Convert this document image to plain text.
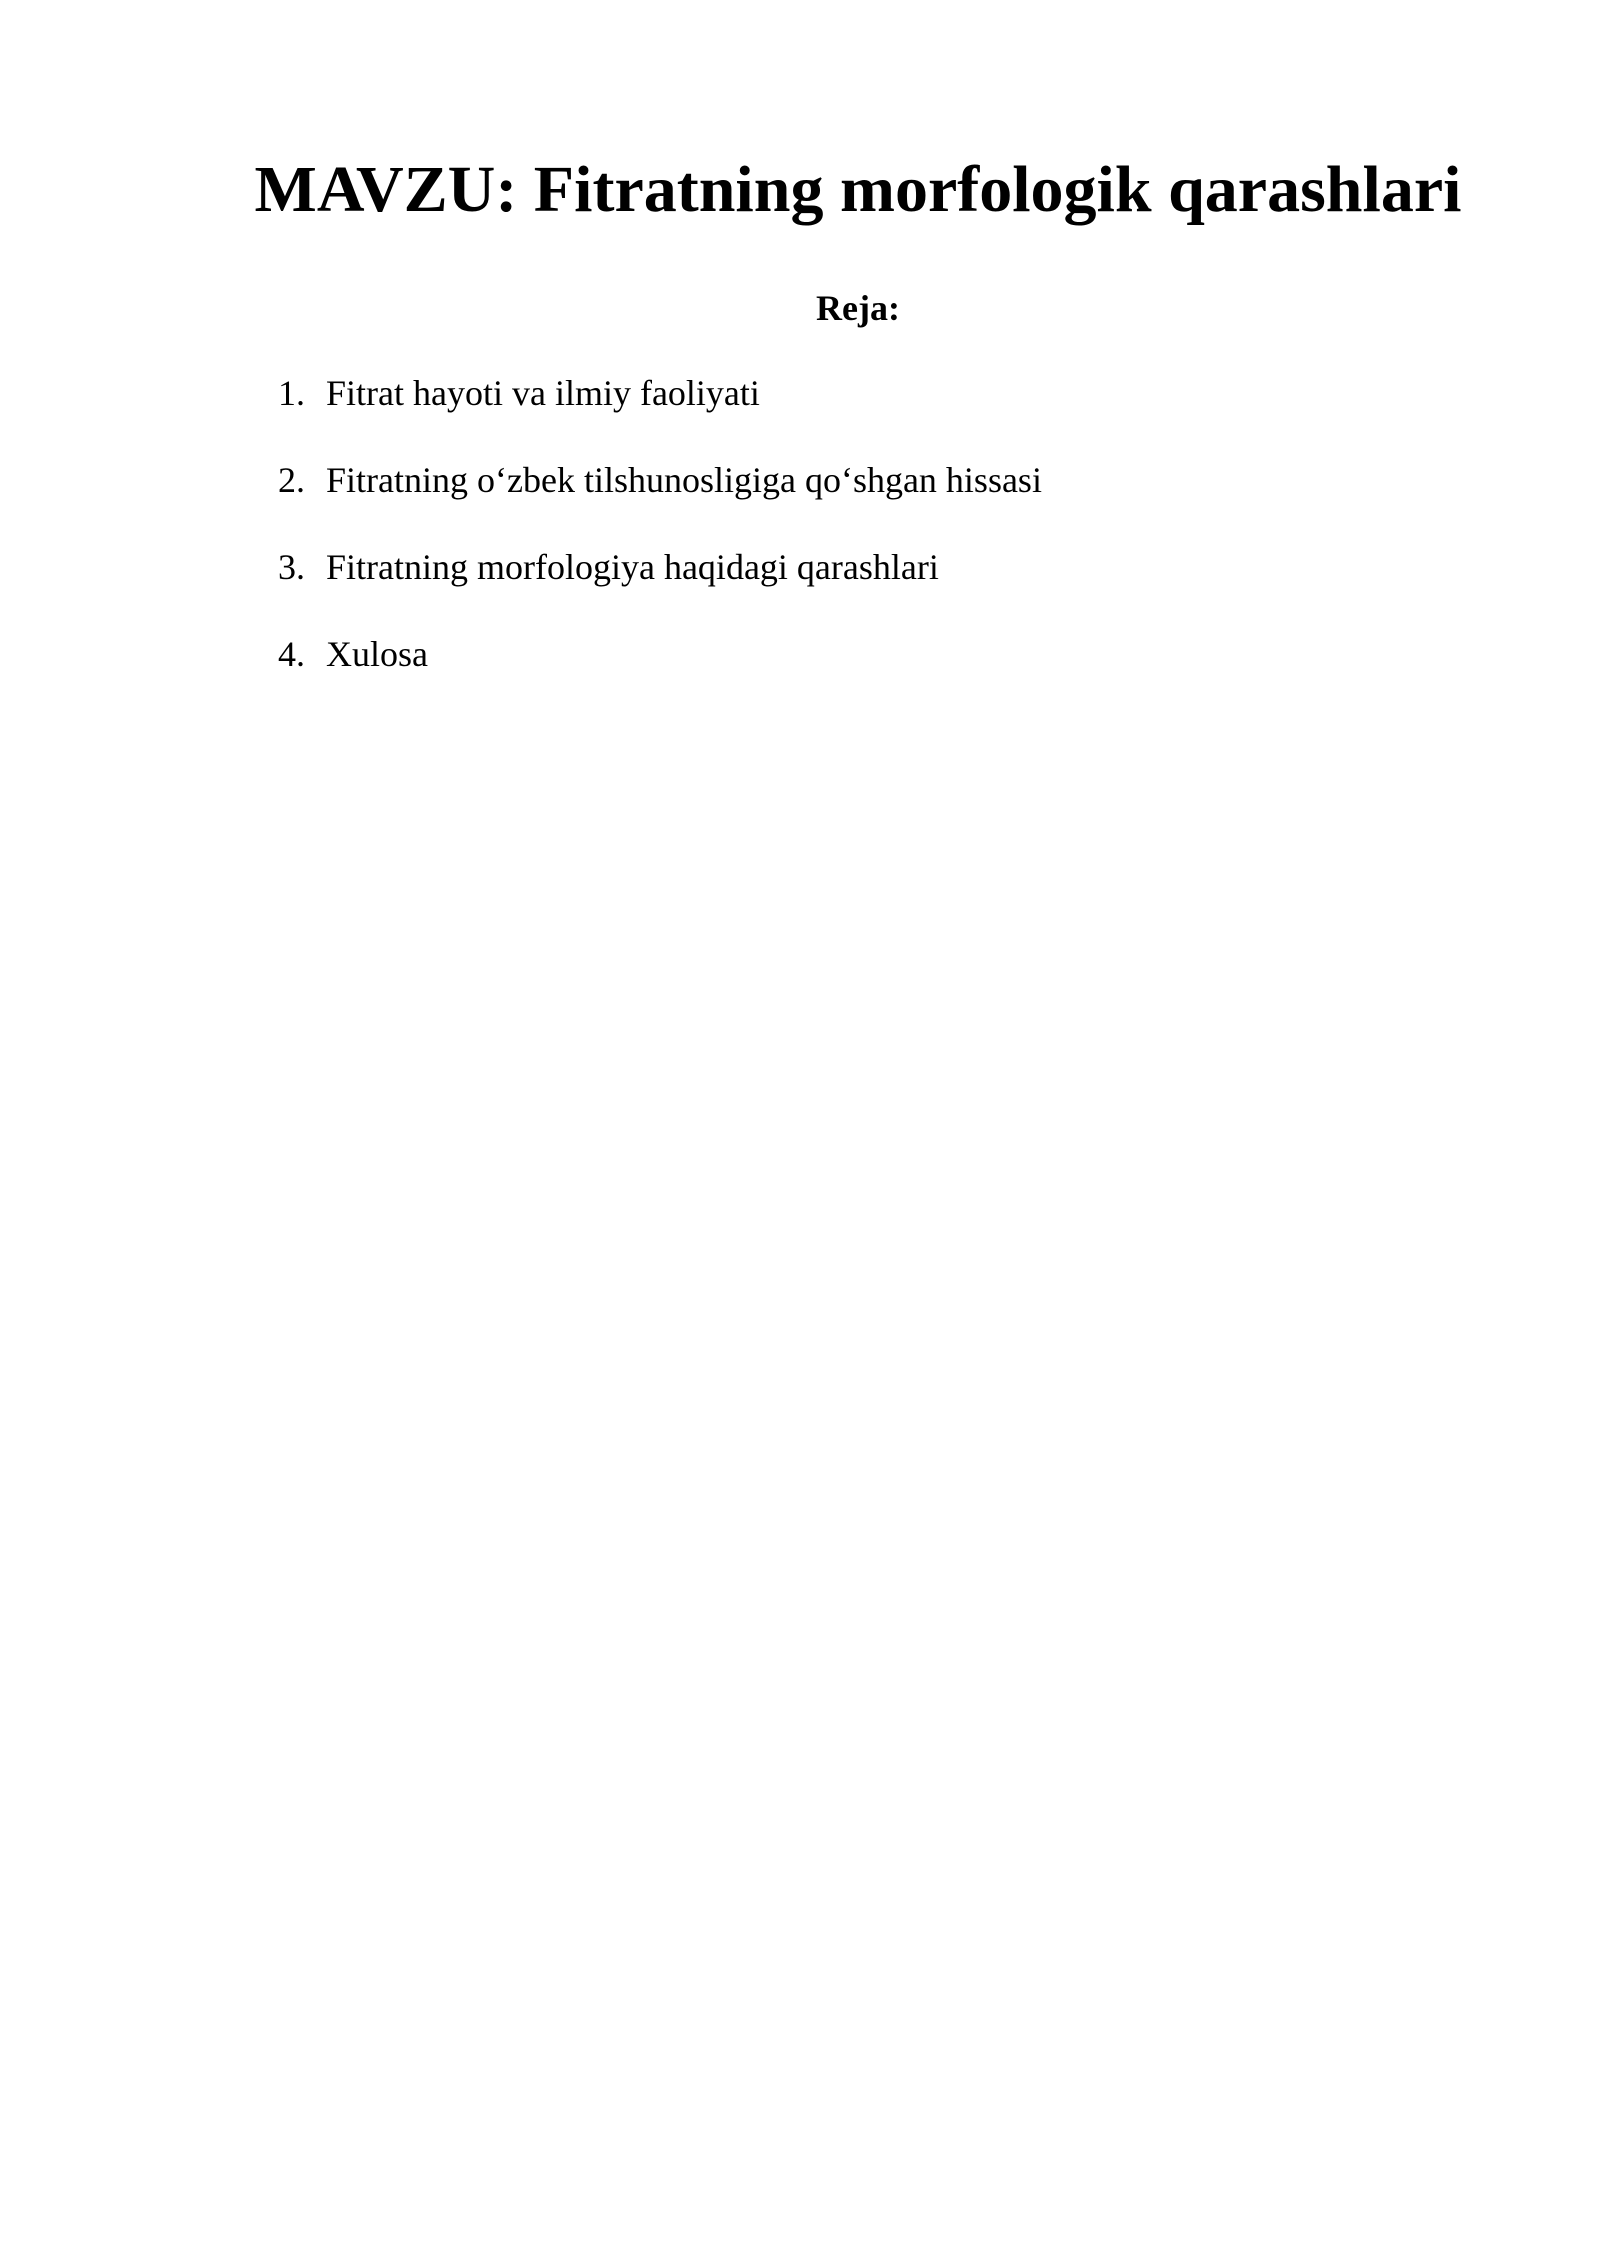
MAVZU: Fitratning morfologik qarashlari
Reja:
1. Fitrat hayoti va ilmiy faoliyati
2. Fitratning o‘zbek tilshunosligiga qo‘shgan hissasi
3. Fitratning morfologiya haqidagi qarashlari
4. Xulosa
